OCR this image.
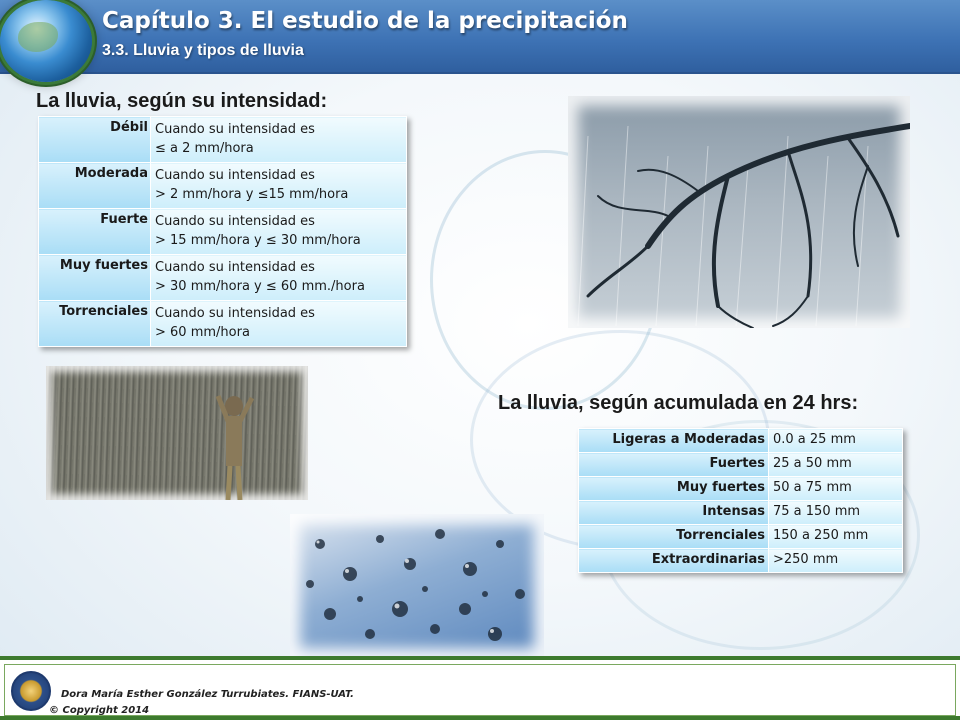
Capítulo 3. El estudio de la precipitación
3.3. Lluvia y tipos de lluvia
La lluvia, según su intensidad:
Débil	Cuando su intensidad es
≤ a 2 mm/hora
Moderada	Cuando su intensidad es
> 2 mm/hora y ≤15 mm/hora
Fuerte	Cuando su intensidad es
> 15 mm/hora y ≤ 30 mm/hora
Muy fuertes	Cuando su intensidad es
> 30 mm/hora y ≤ 60 mm./hora
Torrenciales	Cuando su intensidad es
> 60 mm/hora
La lluvia, según acumulada en 24 hrs:
Ligeras a Moderadas	0.0 a 25 mm
Fuertes	25 a 50 mm
Muy fuertes	50 a 75 mm
Intensas	75 a 150 mm
Torrenciales	150 a 250 mm
Extraordinarias	>250 mm
Dora María Esther González Turrubiates. FIANS-UAT.
© Copyright 2014
